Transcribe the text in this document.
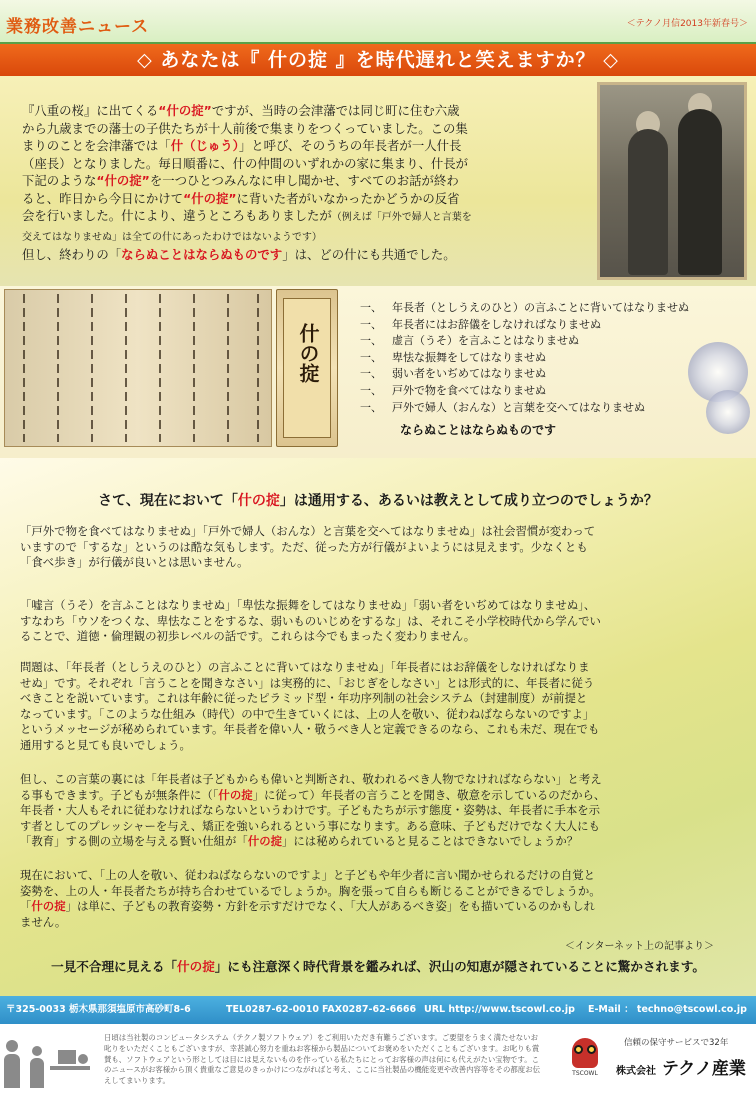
業務改善ニュース	＜テクノ月信2013年新春号＞
◇ あなたは『 什の掟 』を時代遅れと笑えますか？ ◇
『八重の桜』に出てくる“什の掟”ですが、当時の会津藩では同じ町に住む六歳
から九歳までの藩士の子供たちが十人前後で集まりをつくっていました。この集
まりのことを会津藩では「什（じゅう）」と呼び、そのうちの年長者が一人什長
（座長）となりました。毎日順番に、什の仲間のいずれかの家に集まり、什長が
下記のような“什の掟”を一つひとつみんなに申し聞かせ、すべてのお話が終わ
ると、昨日から今日にかけて“什の掟”に背いた者がいなかったかどうかの反省
会を行いました。什により、違うところもありましたが（例えば「戸外で婦人と言葉を
交えてはなりませぬ」は全ての什にあったわけではないようです）
但し、終わりの「ならぬことはならぬものです」は、どの什にも共通でした。
什の掟
一、 年長者（としうえのひと）の言ふことに背いてはなりませぬ
一、 年長者にはお辞儀をしなければなりませぬ
一、 虚言（うそ）を言ふことはなりませぬ
一、 卑怯な振舞をしてはなりませぬ
一、 弱い者をいぢめてはなりませぬ
一、 戸外で物を食べてはなりませぬ
一、 戸外で婦人（おんな）と言葉を交へてはなりませぬ
ならぬことはならぬものです
さて、現在において「什の掟」は通用する、あるいは教えとして成り立つのでしょうか？
「戸外で物を食べてはなりませぬ」「戸外で婦人（おんな）と言葉を交へてはなりませぬ」は社会習慣が変わって
いますので「するな」というのは酷な気もします。ただ、従った方が行儀がよいようには見えます。少なくとも
「食べ歩き」が行儀が良いとは思いません。
「嘘言（うそ）を言ふことはなりませぬ」「卑怯な振舞をしてはなりませぬ」「弱い者をいぢめてはなりませぬ」、
すなわち「ウソをつくな、卑怯なことをするな、弱いものいじめをするな」は、それこそ小学校時代から学んでい
ることで、道徳・倫理観の初歩レベルの話です。これらは今でもまったく変わりません。
問題は、「年長者（としうえのひと）の言ふことに背いてはなりませぬ」「年長者にはお辞儀をしなければなりま
せぬ」です。それぞれ「言うことを聞きなさい」は実務的に、「おじぎをしなさい」とは形式的に、年長者に従う
べきことを説いています。これは年齢に従ったピラミッド型・年功序列制の社会システム（封建制度）が前提と
なっています。「このような仕組み（時代）の中で生きていくには、上の人を敬い、従わねばならないのですよ」
というメッセージが秘められています。年長者を偉い人・敬うべき人と定義できるのなら、これも未だ、現在でも
通用すると見ても良いでしょう。
但し、この言葉の裏には「年長者は子どもからも偉いと判断され、敬われるべき人物でなければならない」と考え
る事もできます。子どもが無条件に（「什の掟」に従って）年長者の言うことを聞き、敬意を示しているのだから、
年長者・大人もそれに従わなければならないというわけです。子どもたちが示す態度・姿勢は、年長者に手本を示
す者としてのプレッシャーを与え、矯正を強いられるという事になります。ある意味、子どもだけでなく大人にも
「教育」する側の立場を与える賢い仕組が「什の掟」には秘められていると見ることはできないでしょうか？
現在において、「上の人を敬い、従わねばならないのですよ」と子どもや年少者に言い聞かせられるだけの自覚と
姿勢を、上の人・年長者たちが持ち合わせているでしょうか。胸を張って自らも断じることができるでしょうか。
「什の掟」は単に、子どもの教育姿勢・方針を示すだけでなく、「大人があるべき姿」をも描いているのかもしれ
ません。
＜インターネット上の記事より＞
一見不合理に見える「什の掟」にも注意深く時代背景を鑑みれば、沢山の知恵が隠されていることに驚かされます。
〒325-0033 栃木県那須塩原市高砂町8-6	TEL0287-62-0010 FAX0287-62-6666 URL http://www.tscowl.co.jp E-Mail ： techno@tscowl.co.jp
日頃は当社製のコンピュータシステム（テクノ製ソフトウェア）をご利用いただき有難うございます。ご要望をうまく満たせないお叱りをいただくこともございますが、幸甚誠心努力を重ねお客様から製品についてお褒めをいただくこともございます。お叱りも賞賛も、ソフトウェアという形としては目には見えないものを作っている私たちにとってお客様の声は何にも代えがたい宝物です。このニュースがお客様から頂く貴重なご意見のきっかけにつながればと考え、ここに当社製品の機能変更や改善内容等をその都度お伝えしてまいります。
TSCOWL
信頼の保守サービスで32年
株式会社 テクノ産業
